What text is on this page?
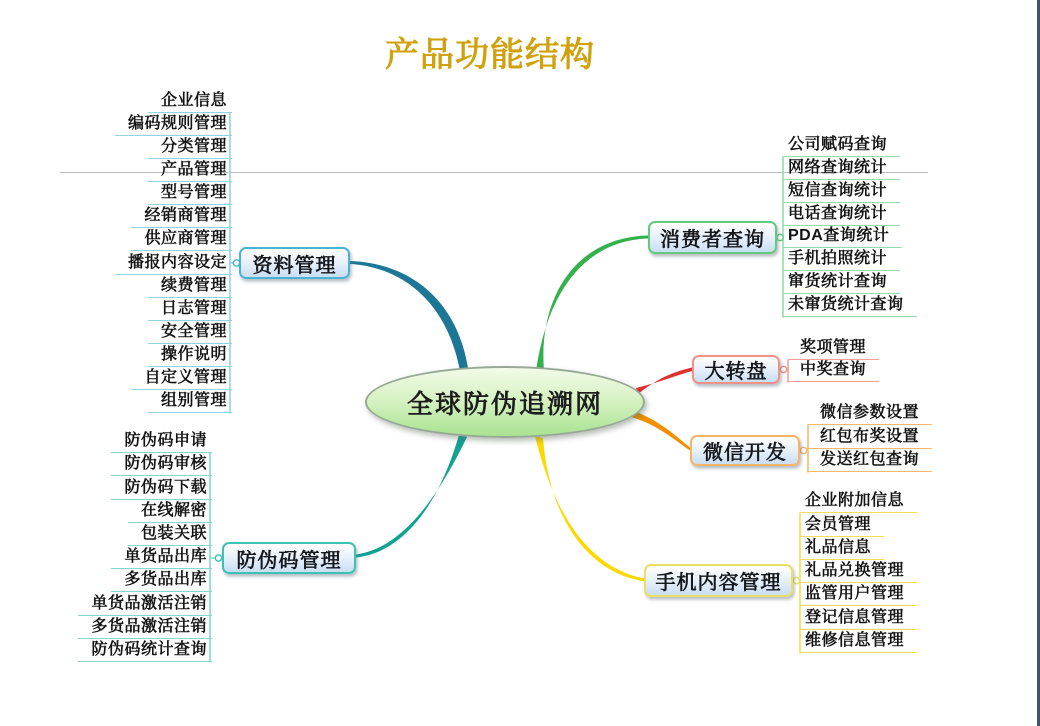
产品功能结构
全球防伪追溯网
资料管理
防伪码管理
消费者查询
大转盘
微信开发
手机内容管理
企业信息
编码规则管理
分类管理
产品管理
型号管理
经销商管理
供应商管理
播报内容设定
续费管理
日志管理
安全管理
操作说明
自定义管理
组别管理
防伪码申请
防伪码审核
防伪码下载
在线解密
包装关联
单货品出库
多货品出库
单货品激活注销
多货品激活注销
防伪码统计查询
公司赋码查询
网络查询统计
短信查询统计
电话查询统计
PDA查询统计
手机拍照统计
窜货统计查询
未窜货统计查询
奖项管理
中奖查询
微信参数设置
红包布奖设置
发送红包查询
企业附加信息
会员管理
礼品信息
礼品兑换管理
监管用户管理
登记信息管理
维修信息管理
